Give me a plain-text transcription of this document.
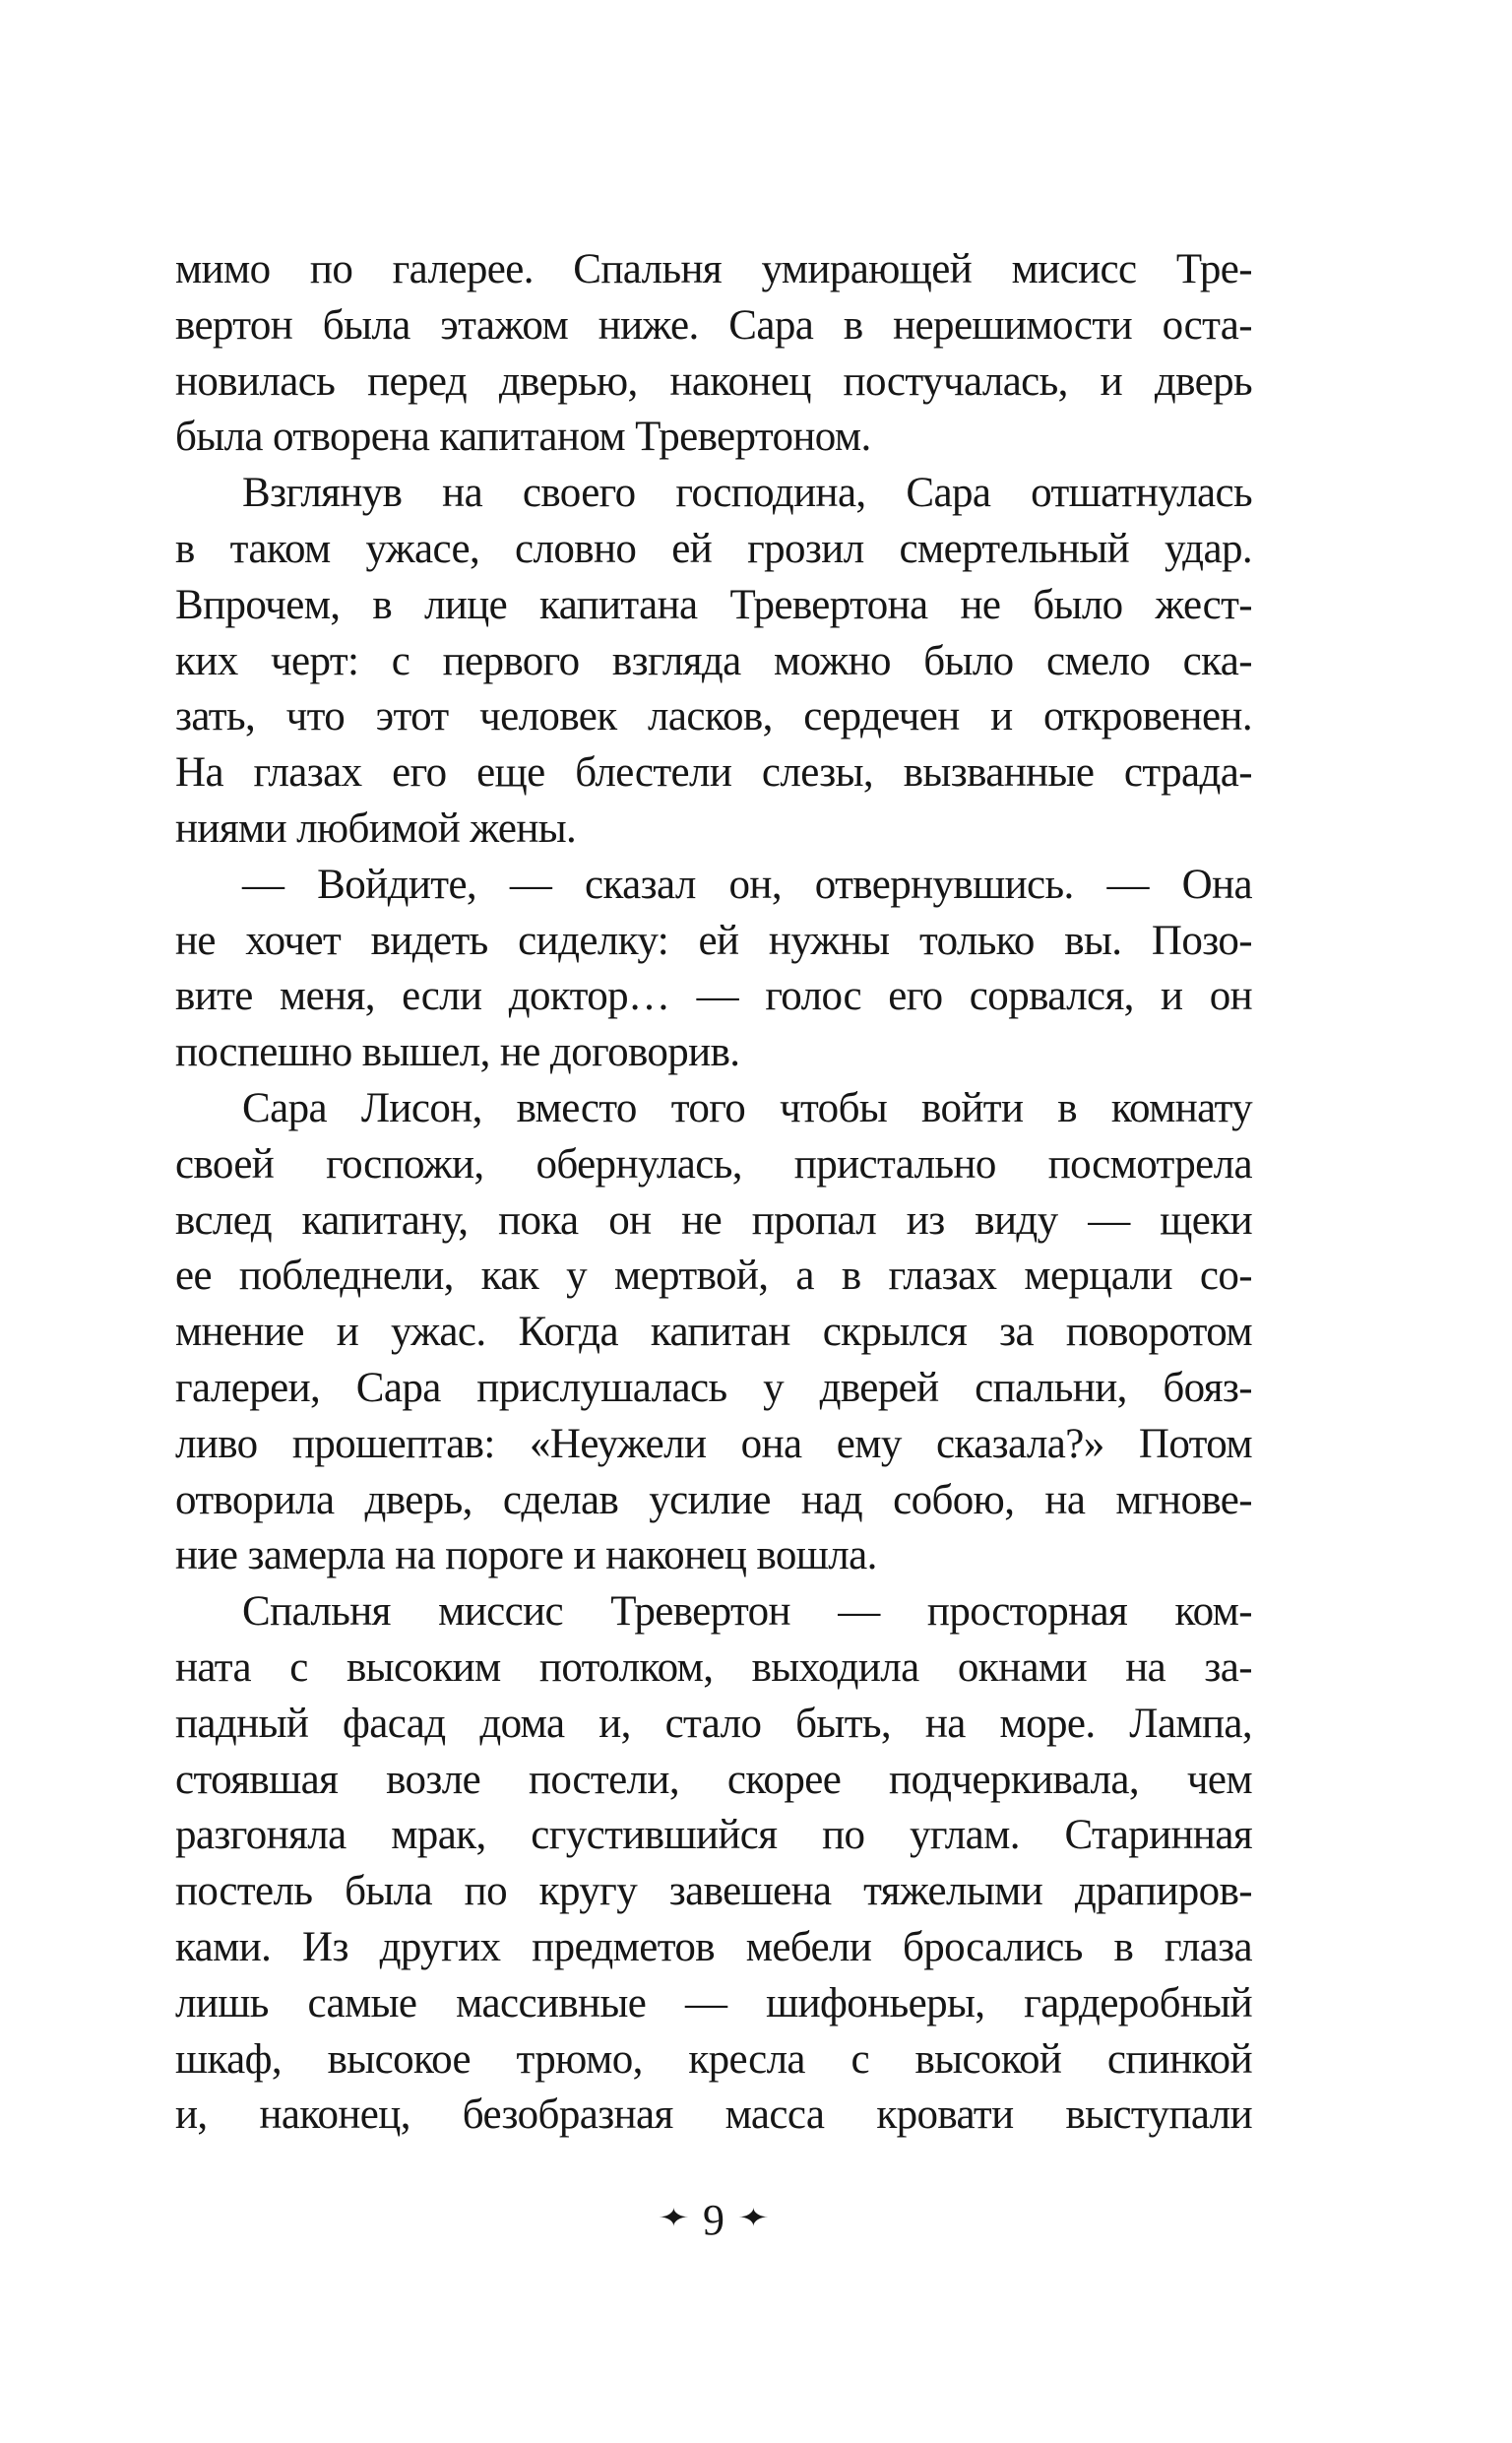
мимо по галерее. Спальня умирающей мисисс Тре-
вертон была этажом ниже. Сара в нерешимости оста-
новилась перед дверью, наконец постучалась, и дверь
была отворена капитаном Тревертоном.
Взглянув на своего господина, Сара отшатнулась
в таком ужасе, словно ей грозил смертельный удар.
Впрочем, в лице капитана Тревертона не было жест-
ких черт: с первого взгляда можно было смело ска-
зать, что этот человек ласков, сердечен и откровенен.
На глазах его еще блестели слезы, вызванные страда-
ниями любимой жены.
— Войдите, — сказал он, отвернувшись. — Она
не хочет видеть сиделку: ей нужны только вы. Позо-
вите меня, если доктор… — голос его сорвался, и он
поспешно вышел, не договорив.
Сара Лисон, вместо того чтобы войти в комнату
своей госпожи, обернулась, пристально посмотрела
вслед капитану, пока он не пропал из виду — щеки
ее побледнели, как у мертвой, а в глазах мерцали со-
мнение и ужас. Когда капитан скрылся за поворотом
галереи, Сара прислушалась у дверей спальни, бояз-
ливо прошептав: «Неужели она ему сказала?» Потом
отворила дверь, сделав усилие над собою, на мгнове-
ние замерла на пороге и наконец вошла.
Спальня миссис Тревертон — просторная ком-
ната с высоким потолком, выходила окнами на за-
падный фасад дома и, стало быть, на море. Лампа,
стоявшая возле постели, скорее подчеркивала, чем
разгоняла мрак, сгустившийся по углам. Старинная
постель была по кругу завешена тяжелыми драпиров-
ками. Из других предметов мебели бросались в глаза
лишь самые массивные — шифоньеры, гардеробный
шкаф, высокое трюмо, кресла с высокой спинкой
и, наконец, безобразная масса кровати выступали
✦ 9 ✦
